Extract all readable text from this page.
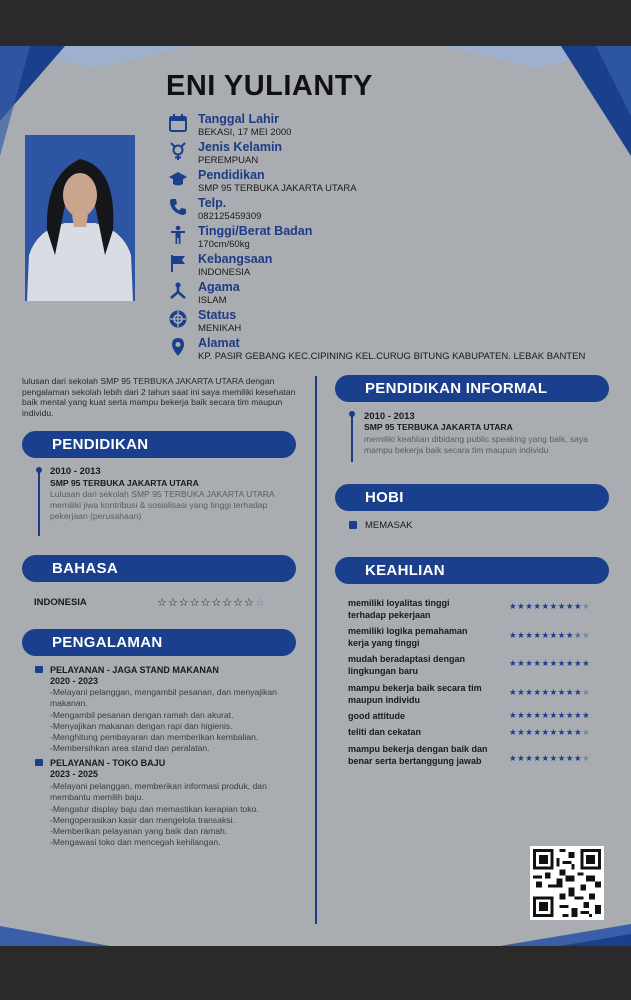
ENI YULIANTY
Tanggal Lahir
BEKASI, 17 MEI 2000
Jenis Kelamin
PEREMPUAN
Pendidikan
SMP 95 TERBUKA JAKARTA UTARA
Telp.
082125459309
Tinggi/Berat Badan
170cm/60kg
Kebangsaan
INDONESIA
Agama
ISLAM
Status
MENIKAH
Alamat
KP. PASIR GEBANG KEC.CIPINING KEL.CURUG BITUNG KABUPATEN. LEBAK BANTEN
lulusan dari sekolah SMP 95 TERBUKA JAKARTA UTARA dengan pengalaman sekolah lebih dari 2 tahun saat ini saya memiliki kesehatan baik mental yang kuat serta mampu bekerja baik secara tim maupun individu.
PENDIDIKAN
2010 - 2013
SMP 95 TERBUKA JAKARTA UTARA
Lulusan dari sekolah SMP 95 TERBUKA JAKARTA UTARA memiliki jiwa kontribusi & sosialisasi yang tinggi terhadap pekerjaan (perusahaan)
BAHASA
INDONESIA	☆☆☆☆☆☆☆☆☆☆
PENGALAMAN
PELAYANAN - JAGA STAND MAKANAN
2020 - 2023
-Melayani pelanggan, mengambil pesanan, dan menyajikan makanan.
-Mengambil pesanan dengan ramah dan akurat.
-Menyajikan makanan dengan rapi dan higienis.
-Menghitung pembayaran dan memberikan kembalian.
-Membersihkan area stand dan peralatan.
PELAYANAN - TOKO BAJU
2023 - 2025
-Melayani pelanggan, memberikan informasi produk, dan membantu memilih baju.
-Mengatur display baju dan memastikan kerapian toko.
-Mengoperasikan kasir dan mengelola transaksi.
-Memberikan pelayanan yang baik dan ramah.
-Mengawasi toko dan mencegah kehilangan.
PENDIDIKAN INFORMAL
2010 - 2013
SMP 95 TERBUKA JAKARTA UTARA
memiliki keahlian dibidang public speaking yang baik, saya mampu bekerja baik secara tim maupun individu
HOBI
MEMASAK
KEAHLIAN
memiliki loyalitas tinggi terhadap pekerjaan
★★★★★★★★★★
memiliki logika pemahaman kerja yang tinggi
★★★★★★★★★★
mudah beradaptasi dengan lingkungan baru
★★★★★★★★★★
mampu bekerja baik secara tim maupun individu
★★★★★★★★★★
good attitude	★★★★★★★★★★
teliti dan cekatan	★★★★★★★★★★
mampu bekerja dengan baik dan benar serta bertanggung jawab	★★★★★★★★★★
